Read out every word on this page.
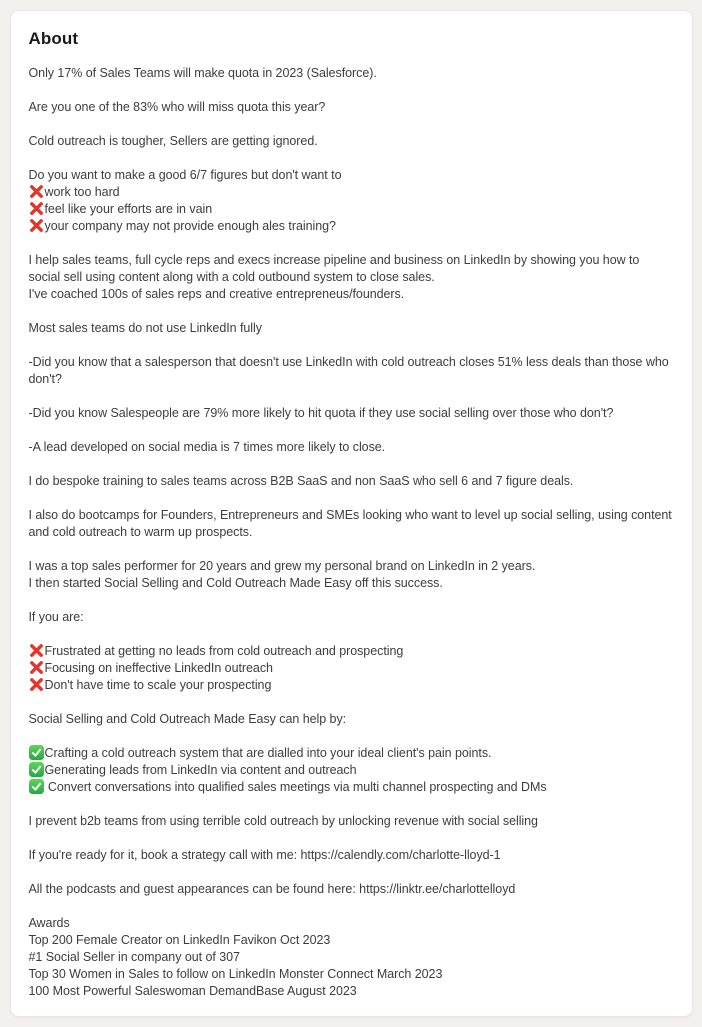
About
Only 17% of Sales Teams will make quota in 2023 (Salesforce).
Are you one of the 83% who will miss quota this year?
Cold outreach is tougher, Sellers are getting ignored.
Do you want to make a good 6/7 figures but don't want to
work too hard
feel like your efforts are in vain
your company may not provide enough ales training?
I help sales teams, full cycle reps and execs increase pipeline and business on LinkedIn by showing you how to social sell using content along with a cold outbound system to close sales.
I've coached 100s of sales reps and creative entrepreneus/founders.
Most sales teams do not use LinkedIn fully
-Did you know that a salesperson that doesn't use LinkedIn with cold outreach closes 51% less deals than those who don't?
-Did you know Salespeople are 79% more likely to hit quota if they use social selling over those who don't?
-A lead developed on social media is 7 times more likely to close.
I do bespoke training to sales teams across B2B SaaS and non SaaS who sell 6 and 7 figure deals.
I also do bootcamps for Founders, Entrepreneurs and SMEs looking who want to level up social selling, using content and cold outreach to warm up prospects.
I was a top sales performer for 20 years and grew my personal brand on LinkedIn in 2 years.
I then started Social Selling and Cold Outreach Made Easy off this success.
If you are:
Frustrated at getting no leads from cold outreach and prospecting
Focusing on ineffective LinkedIn outreach
Don't have time to scale your prospecting
Social Selling and Cold Outreach Made Easy can help by:
Crafting a cold outreach system that are dialled into your ideal client's pain points.
Generating leads from LinkedIn via content and outreach
Convert conversations into qualified sales meetings via multi channel prospecting and DMs
I prevent b2b teams from using terrible cold outreach by unlocking revenue with social selling
If you're ready for it, book a strategy call with me: https://calendly.com/charlotte-lloyd-1
All the podcasts and guest appearances can be found here: https://linktr.ee/charlottelloyd
Awards
Top 200 Female Creator on LinkedIn Favikon Oct 2023
#1 Social Seller in company out of 307
Top 30 Women in Sales to follow on LinkedIn Monster Connect March 2023
100 Most Powerful Saleswoman DemandBase August 2023
